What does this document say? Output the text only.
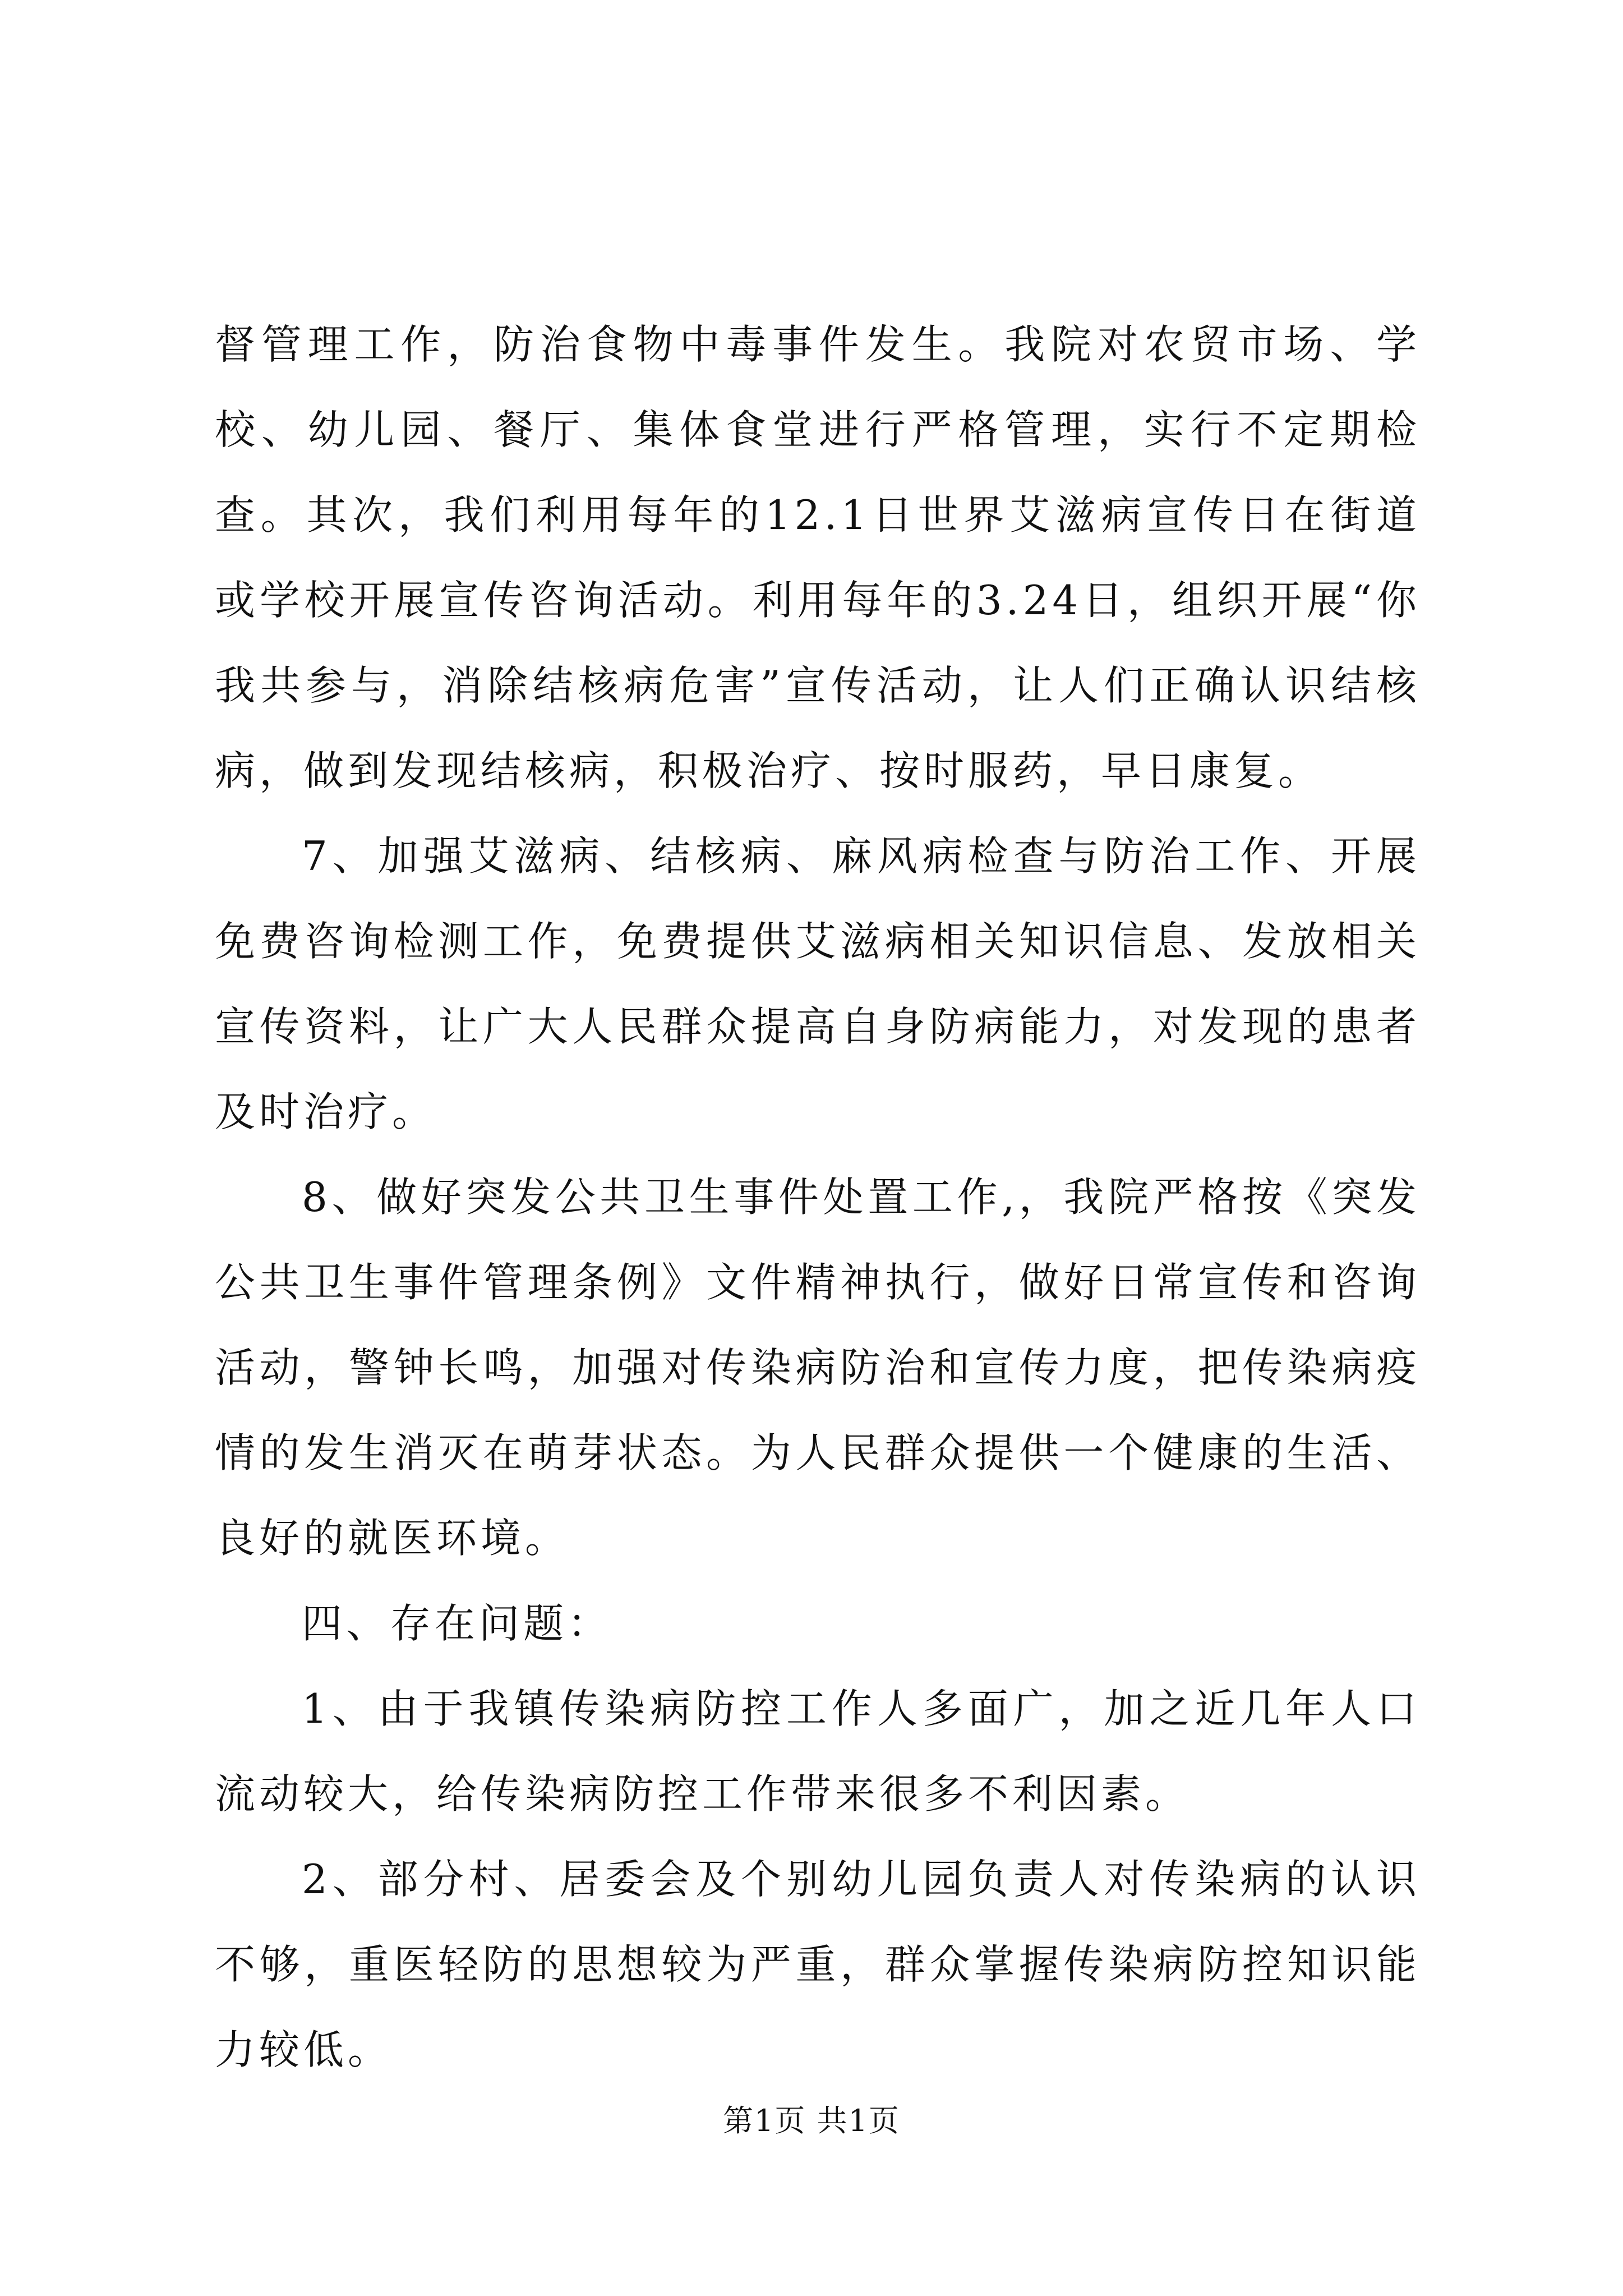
督管理工作，防治食物中毒事件发生。我院对农贸市场、学校、幼儿园、餐厅、集体食堂进行严格管理，实行不定期检查。其次，我们利用每年的12.1日世界艾滋病宣传日在街道或学校开展宣传咨询活动。利用每年的3.24日，组织开展“你我共参与，消除结核病危害”宣传活动，让人们正确认识结核病，做到发现结核病，积极治疗、按时服药，早日康复。

7、加强艾滋病、结核病、麻风病检查与防治工作、开展免费咨询检测工作，免费提供艾滋病相关知识信息、发放相关宣传资料，让广大人民群众提高自身防病能力，对发现的患者及时治疗。

8、做好突发公共卫生事件处置工作,，我院严格按《突发公共卫生事件管理条例》文件精神执行，做好日常宣传和咨询活动，警钟长鸣，加强对传染病防治和宣传力度，把传染病疫情的发生消灭在萌芽状态。为人民群众提供一个健康的生活、良好的就医环境。

四、存在问题：

1、由于我镇传染病防控工作人多面广，加之近几年人口流动较大，给传染病防控工作带来很多不利因素。

2、部分村、居委会及个别幼儿园负责人对传染病的认识不够，重医轻防的思想较为严重，群众掌握传染病防控知识能力较低。

第1页 共1页
